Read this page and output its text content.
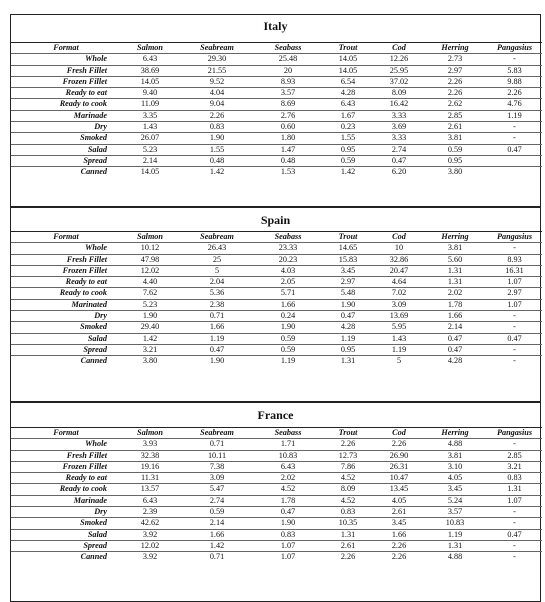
Italy
Format	Salmon	Seabream	Seabass	Trout	Cod	Herring	Pangasius
Whole	6.43	29.30	25.48	14.05	12.26	2.73	-
Fresh Fillet	38.69	21.55	20	14.05	25.95	2.97	5.83
Frozen Fillet	14.05	9.52	8.93	6.54	37.02	2.26	9.88
Ready to eat	9.40	4.04	3.57	4.28	8.09	2.26	2.26
Ready to cook	11.09	9.04	8.69	6.43	16.42	2.62	4.76
Marinade	3.35	2.26	2.76	1.67	3.33	2.85	1.19
Dry	1.43	0.83	0.60	0.23	3.69	2.61	-
Smoked	26.07	1.90	1.80	1.55	3.33	3.81	-
Salad	5.23	1.55	1.47	0.95	2.74	0.59	0.47
Spread	2.14	0.48	0.48	0.59	0.47	0.95	
Canned	14.05	1.42	1.53	1.42	6.20	3.80	
Spain
Format	Salmon	Seabream	Seabass	Trout	Cod	Herring	Pangasius
Whole	10.12	26.43	23.33	14.65	10	3.81	-
Fresh Fillet	47.98	25	20.23	15.83	32.86	5.60	8.93
Frozen Fillet	12.02	5	4.03	3.45	20.47	1.31	16.31
Ready to eat	4.40	2.04	2.05	2.97	4.64	1.31	1.07
Ready to cook	7.62	5.36	5.71	5.48	7.02	2.02	2.97
Marinated	5.23	2.38	1.66	1.90	3.09	1.78	1.07
Dry	1.90	0.71	0.24	0.47	13.69	1.66	-
Smoked	29.40	1.66	1.90	4.28	5.95	2.14	-
Salad	1.42	1.19	0.59	1.19	1.43	0.47	0.47
Spread	3.21	0.47	0.59	0.95	1.19	0.47	-
Canned	3.80	1.90	1.19	1.31	5	4.28	-
France
Format	Salmon	Seabream	Seabass	Trout	Cod	Herring	Pangasius
Whole	3.93	0.71	1.71	2.26	2.26	4.88	-
Fresh Fillet	32.38	10.11	10.83	12.73	26.90	3.81	2.85
Frozen Fillet	19.16	7.38	6.43	7.86	26.31	3.10	3.21
Ready to eat	11.31	3.09	2.02	4.52	10.47	4.05	0.83
Ready to cook	13.57	5.47	4.52	8.09	13.45	3.45	1.31
Marinade	6.43	2.74	1.78	4.52	4.05	5.24	1.07
Dry	2.39	0.59	0.47	0.83	2.61	3.57	-
Smoked	42.62	2.14	1.90	10.35	3.45	10.83	-
Salad	3.92	1.66	0.83	1.31	1.66	1.19	0.47
Spread	12.02	1.42	1.07	2.61	2.26	1.31	-
Canned	3.92	0.71	1.07	2.26	2.26	4.88	-
